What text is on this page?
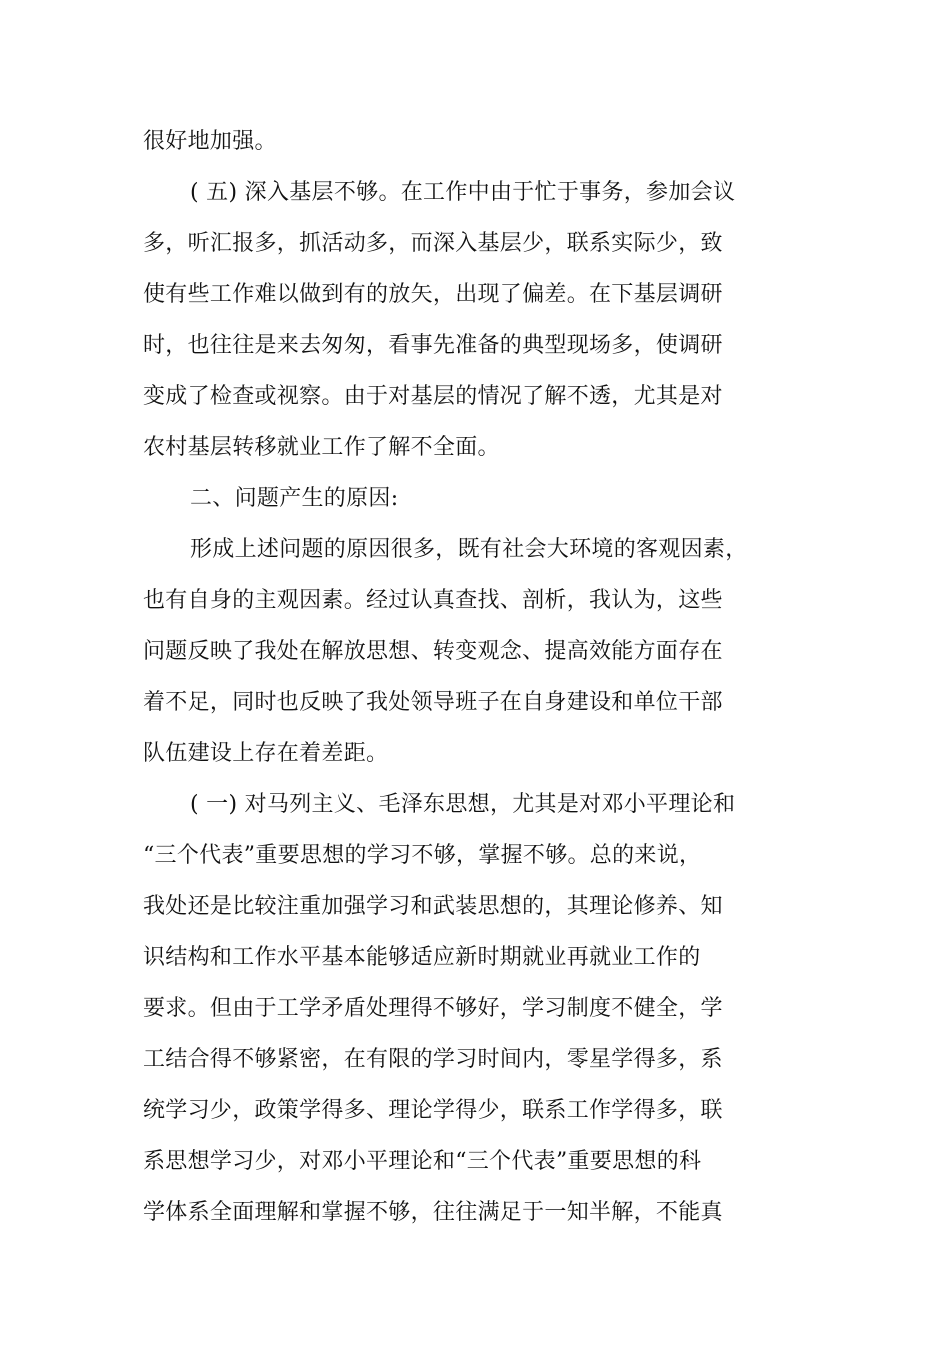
很好地加强。
( 五) 深入基层不够。在工作中由于忙于事务，参加会议
多，听汇报多，抓活动多，而深入基层少，联系实际少，致
使有些工作难以做到有的放矢，出现了偏差。在下基层调研
时，也往往是来去匆匆，看事先准备的典型现场多，使调研
变成了检查或视察。由于对基层的情况了解不透，尤其是对
农村基层转移就业工作了解不全面。
二、问题产生的原因:
形成上述问题的原因很多，既有社会大环境的客观因素，
也有自身的主观因素。经过认真查找、剖析，我认为，这些
问题反映了我处在解放思想、转变观念、提高效能方面存在
着不足，同时也反映了我处领导班子在自身建设和单位干部
队伍建设上存在着差距。
( 一) 对马列主义、毛泽东思想，尤其是对邓小平理论和
“三个代表”重要思想的学习不够，掌握不够。总的来说，
我处还是比较注重加强学习和武装思想的，其理论修养、知
识结构和工作水平基本能够适应新时期就业再就业工作的
要求。但由于工学矛盾处理得不够好，学习制度不健全，学
工结合得不够紧密，在有限的学习时间内，零星学得多，系
统学习少，政策学得多、理论学得少，联系工作学得多，联
系思想学习少，对邓小平理论和“三个代表”重要思想的科
学体系全面理解和掌握不够，往往满足于一知半解，不能真
